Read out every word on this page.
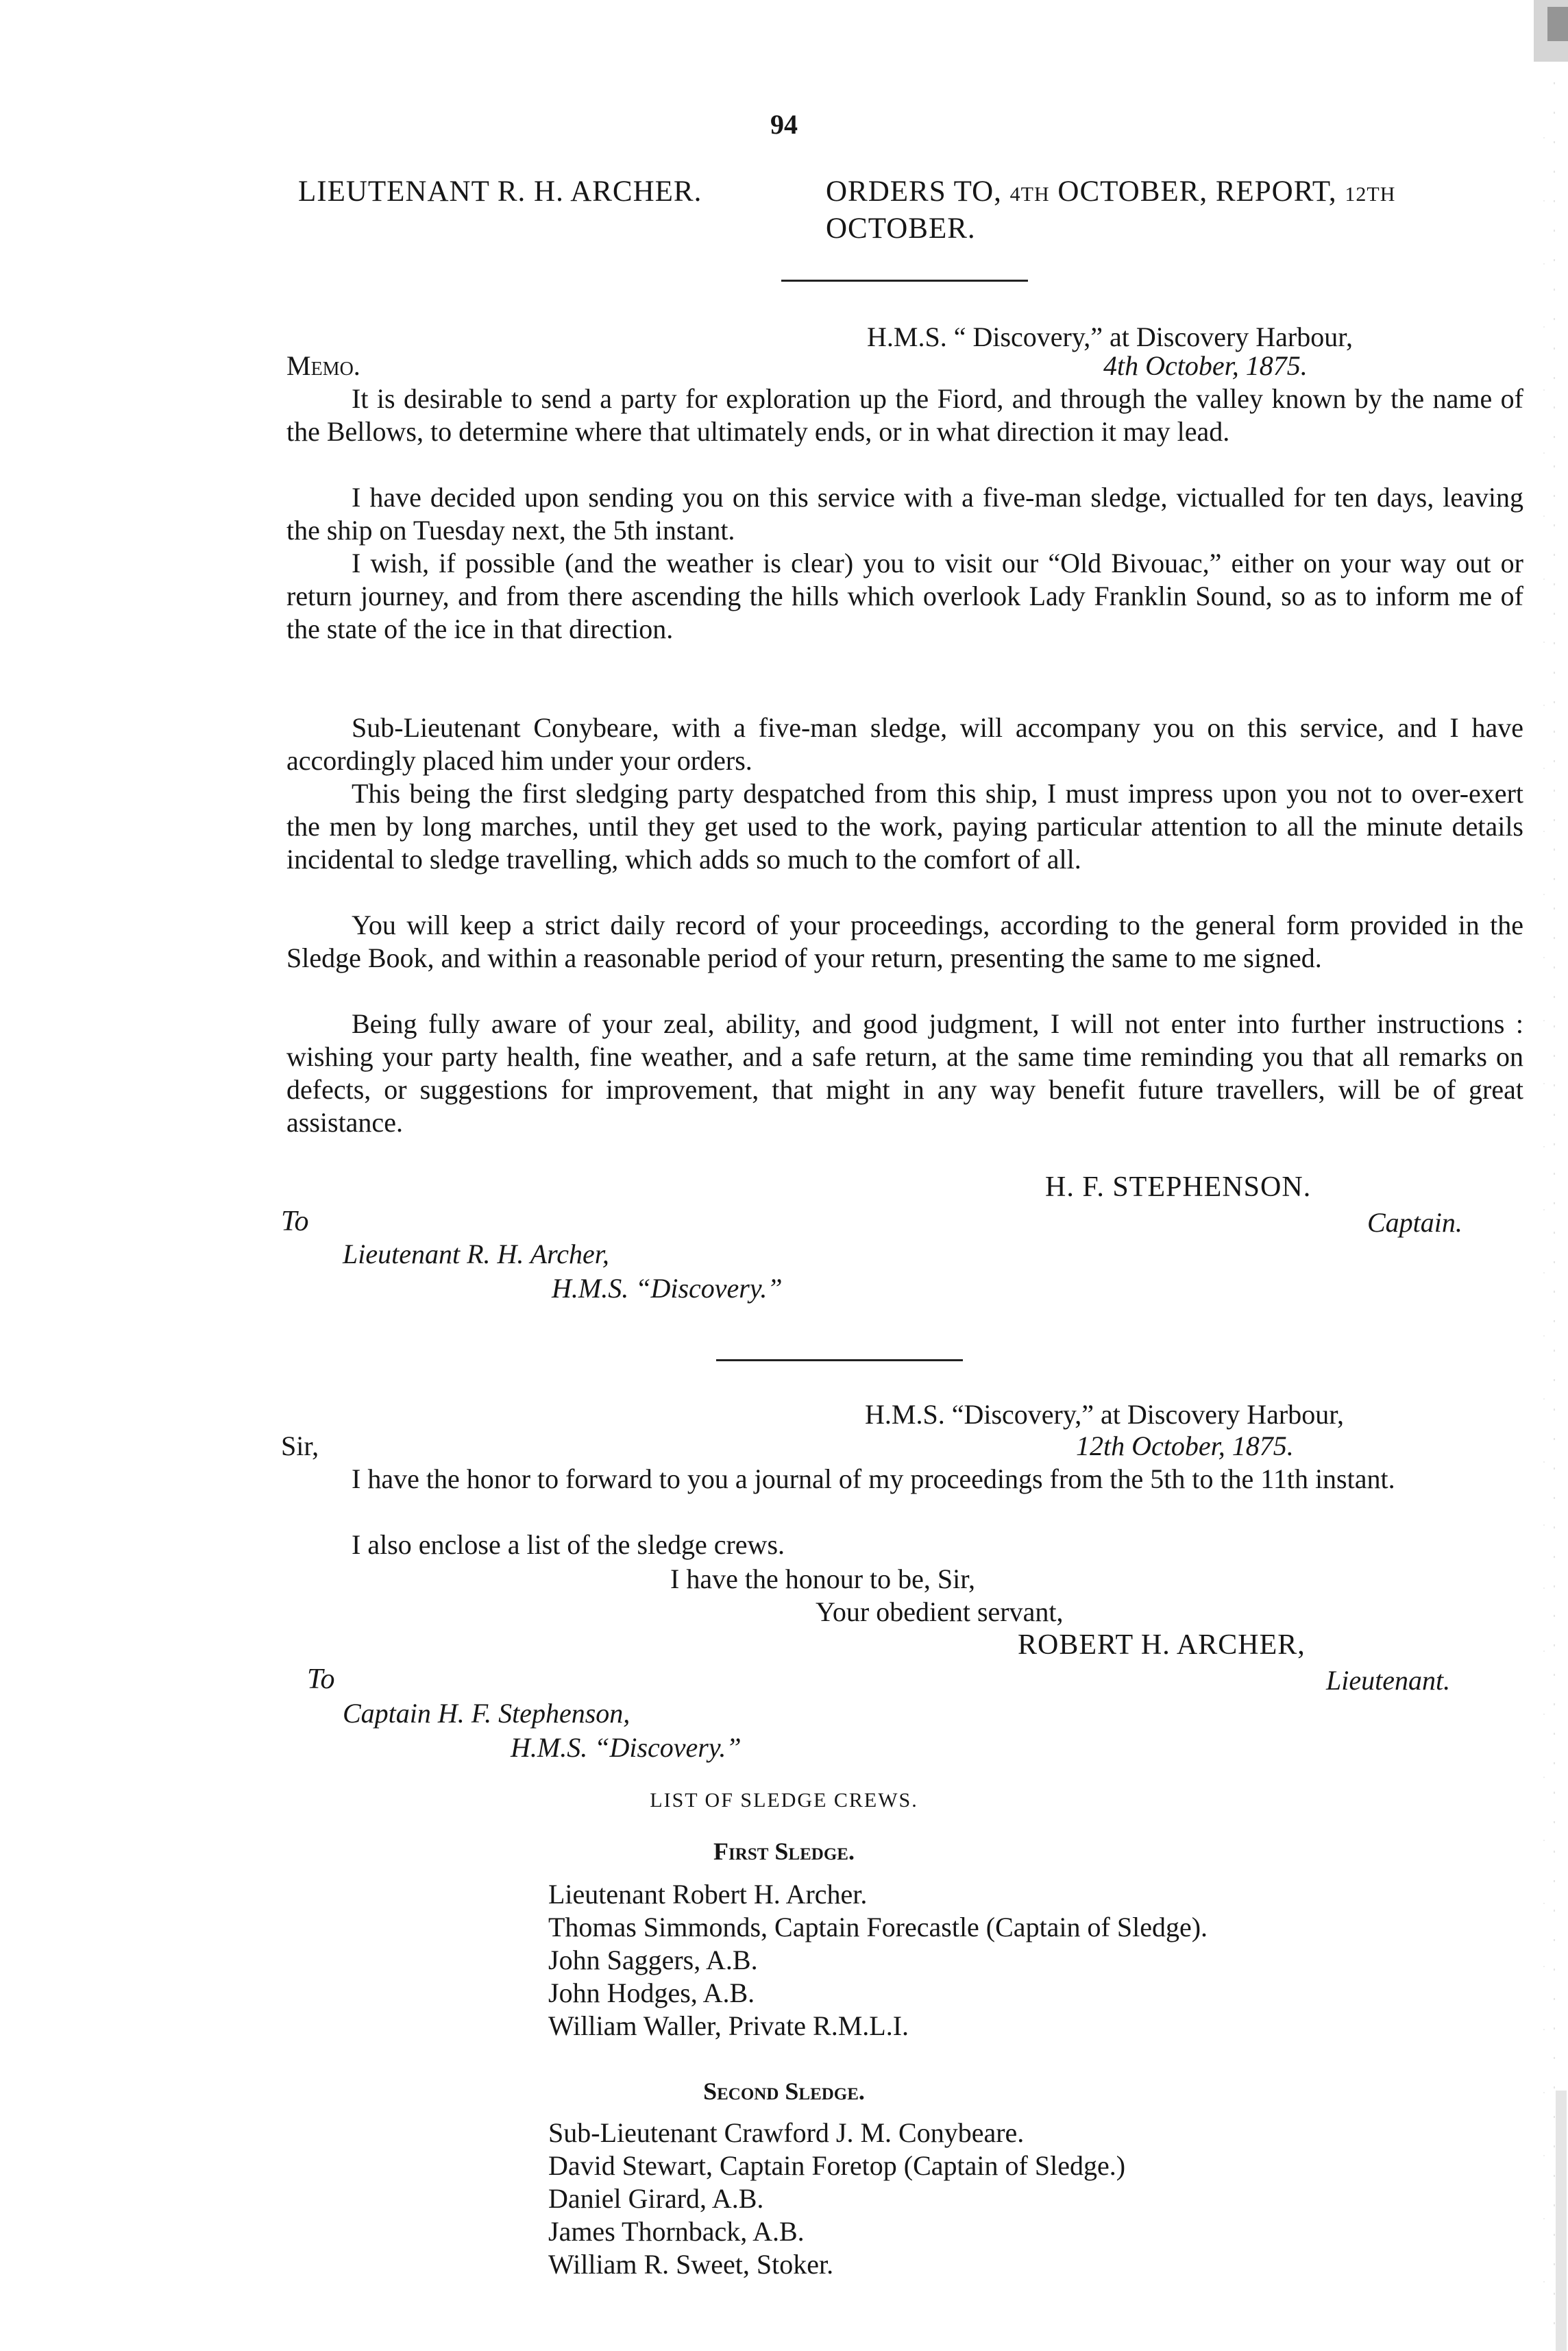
94
LIEUTENANT R. H. ARCHER.	ORDERS TO, 4TH OCTOBER, REPORT, 12TH
OCTOBER.
H.M.S. “ Discovery,” at Discovery Harbour,
Memo.	4th October, 1875.
It is desirable to send a party for exploration up the Fiord, and through the valley known by the name of the Bellows, to determine where that ultimately ends, or in what direction it may lead.
I have decided upon sending you on this service with a five-man sledge, victualled for ten days, leaving the ship on Tuesday next, the 5th instant.
I wish, if possible (and the weather is clear) you to visit our “Old Bivouac,” either on your way out or return journey, and from there ascending the hills which overlook Lady Franklin Sound, so as to inform me of the state of the ice in that direction.
Sub-Lieutenant Conybeare, with a five-man sledge, will accompany you on this service, and I have accordingly placed him under your orders.
This being the first sledging party despatched from this ship, I must impress upon you not to over-exert the men by long marches, until they get used to the work, paying particular attention to all the minute details incidental to sledge travelling, which adds so much to the comfort of all.
You will keep a strict daily record of your proceedings, according to the general form provided in the Sledge Book, and within a reasonable period of your return, presenting the same to me signed.
Being fully aware of your zeal, ability, and good judgment, I will not enter into further instructions : wishing your party health, fine weather, and a safe return, at the same time reminding you that all remarks on defects, or suggestions for improvement, that might in any way benefit future travellers, will be of great assistance.
H. F. STEPHENSON.
To	Captain.
Lieutenant R. H. Archer,
H.M.S. “Discovery.”
H.M.S. “Discovery,” at Discovery Harbour,
Sir,	12th October, 1875.
I have the honor to forward to you a journal of my proceedings from the 5th to the 11th instant.
I also enclose a list of the sledge crews.
I have the honour to be, Sir,
Your obedient servant,
ROBERT H. ARCHER,
To	Lieutenant.
Captain H. F. Stephenson,
H.M.S. “Discovery.”
LIST OF SLEDGE CREWS.
First Sledge.
Lieutenant Robert H. Archer.
Thomas Simmonds, Captain Forecastle (Captain of Sledge).
John Saggers, A.B.
John Hodges, A.B.
William Waller, Private R.M.L.I.
Second Sledge.
Sub-Lieutenant Crawford J. M. Conybeare.
David Stewart, Captain Foretop (Captain of Sledge.)
Daniel Girard, A.B.
James Thornback, A.B.
William R. Sweet, Stoker.
